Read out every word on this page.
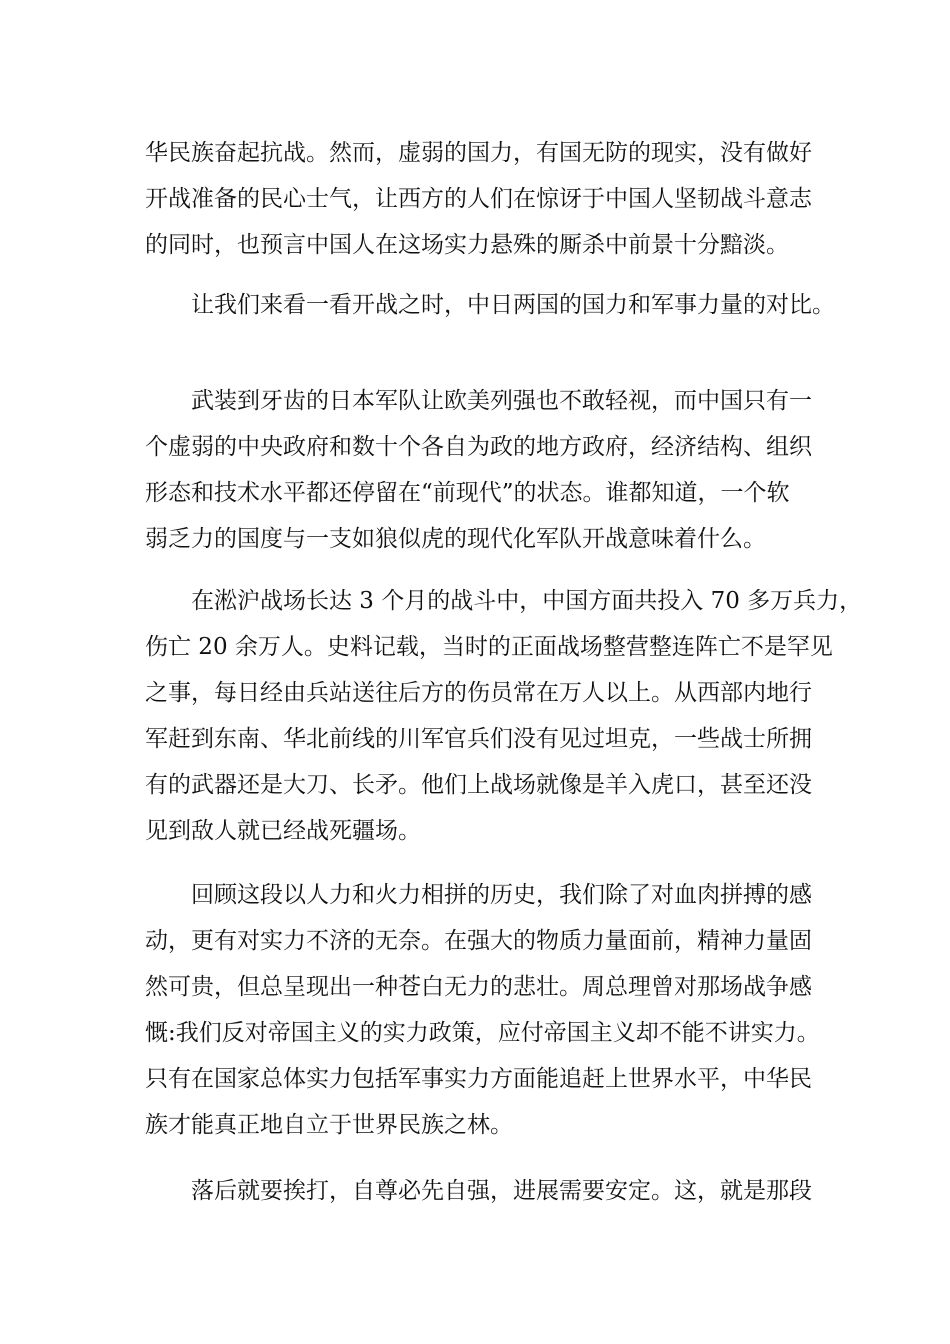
华民族奋起抗战。然而，虚弱的国力，有国无防的现实，没有做好
开战准备的民心士气，让西方的人们在惊讶于中国人坚韧战斗意志
的同时，也预言中国人在这场实力悬殊的厮杀中前景十分黯淡。
让我们来看一看开战之时，中日两国的国力和军事力量的对比。
武装到牙齿的日本军队让欧美列强也不敢轻视，而中国只有一
个虚弱的中央政府和数十个各自为政的地方政府，经济结构、组织
形态和技术水平都还停留在“前现代”的状态。谁都知道，一个软
弱乏力的国度与一支如狼似虎的现代化军队开战意味着什么。
在淞沪战场长达 3 个月的战斗中，中国方面共投入 70 多万兵力，
伤亡 20 余万人。史料记载，当时的正面战场整营整连阵亡不是罕见
之事，每日经由兵站送往后方的伤员常在万人以上。从西部内地行
军赶到东南、华北前线的川军官兵们没有见过坦克，一些战士所拥
有的武器还是大刀、长矛。他们上战场就像是羊入虎口，甚至还没
见到敌人就已经战死疆场。
回顾这段以人力和火力相拼的历史，我们除了对血肉拼搏的感
动，更有对实力不济的无奈。在强大的物质力量面前，精神力量固
然可贵，但总呈现出一种苍白无力的悲壮。周总理曾对那场战争感
慨:我们反对帝国主义的实力政策，应付帝国主义却不能不讲实力。
只有在国家总体实力包括军事实力方面能追赶上世界水平，中华民
族才能真正地自立于世界民族之林。
落后就要挨打，自尊必先自强，进展需要安定。这，就是那段
